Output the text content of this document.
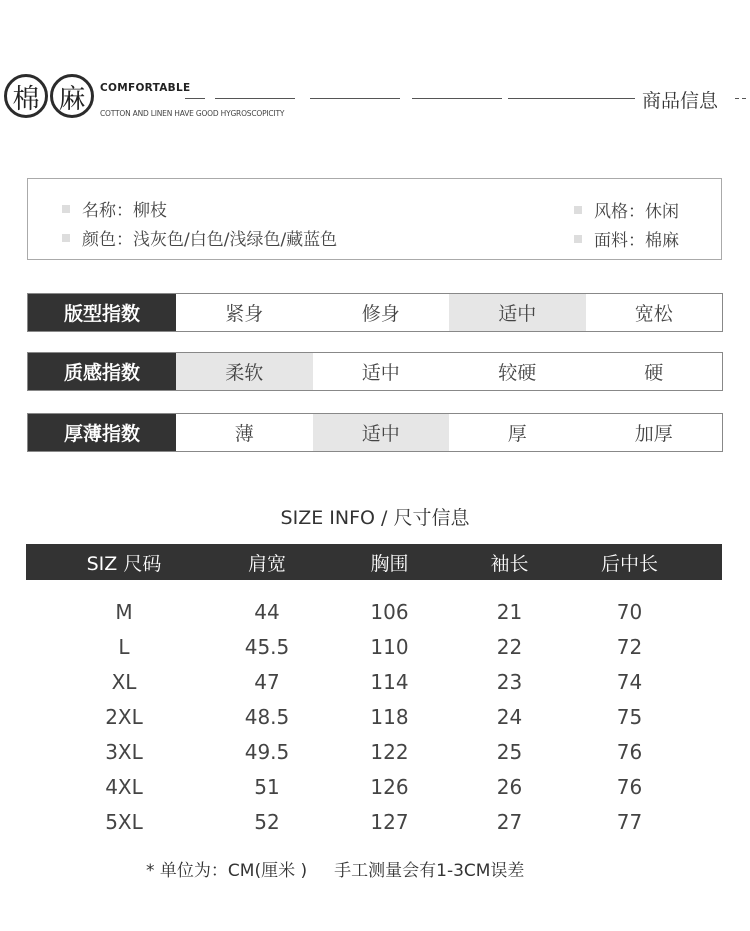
棉 麻 COMFORTABLE
COTTON AND LINEN HAVE GOOD HYGROSCOPICITY
商品信息
名称 ：	柳枝
颜色 ：	浅灰色/白色/浅绿色/藏蓝色
风格 ：	休闲
面料 ：	棉麻
版型指数	紧身	修身	适中	宽松
质感指数	柔软	适中	较硬	硬
厚薄指数	薄	适中	厚	加厚
SIZE INFO / 尺寸信息
SIZ 尺码	肩宽	胸围	袖长	后中长
M	44	106	21	70
L	45.5	110	22	72
XL	47	114	23	74
2XL	48.5	118	24	75
3XL	49.5	122	25	76
4XL	51	126	26	76
5XL	52	127	27	77
* 单位为：CM(厘米 )     手工测量会有1-3CM误差
